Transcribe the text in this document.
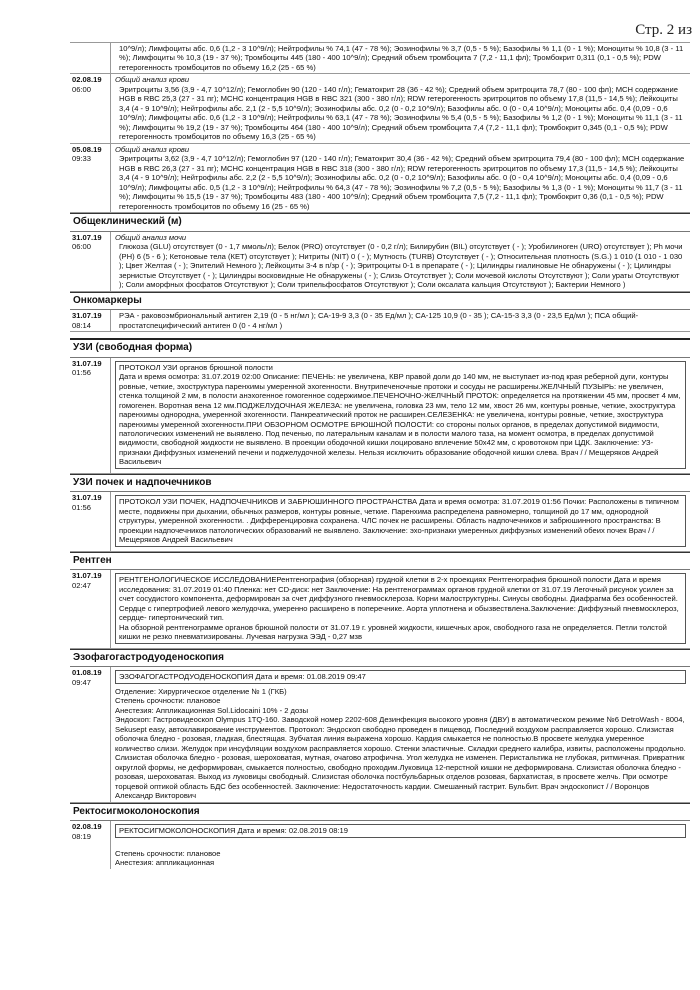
Стр. 2 из

10^9/л); Лимфоциты абс. 0,6 (1,2 - 3 10^9/л); Нейтрофилы % 74,1 (47 - 78 %); Эозинофилы % 3,7 (0,5 - 5 %); Базофилы % 1,1 (0 - 1 %); Моноциты % 10,8 (3 - 11 %); Лимфоциты % 10,3 (19 - 37 %); Тромбоциты 445 (180 - 400 10^9/л); Средний объем тромбоцита 7 (7,2 - 11,1 фл); Тромбокрит 0,311 (0,1 - 0,5 %); PDW гетерогенность тромбоцитов по объему 16,2 (25 - 65 %)

02.08.19
06:00
Общий анализ крови

Эритроциты 3,56 (3,9 - 4,7 10^12/л); Гемоглобин 90 (120 - 140 г/л); Гематокрит 28 (36 - 42 %); Средний объем эритроцита 78,7 (80 - 100 фл); МСН содержание HGB в RBC 25,3 (27 - 31 пг); МСНС концентрация HGB в RBC 321 (300 - 380 г/л); RDW гетерогенность эритроцитов по объему 17,8 (11,5 - 14,5 %); Лейкоциты 3,4 (4 - 9 10^9/л); Нейтрофилы абс. 2,1 (2 - 5,5 10^9/л); Эозинофилы абс. 0,2 (0 - 0,2 10^9/л); Базофилы абс. 0 (0 - 0,4 10^9/л); Моноциты абс. 0,4 (0,09 - 0,6 10^9/л); Лимфоциты абс. 0,6 (1,2 - 3 10^9/л); Нейтрофилы % 63,1 (47 - 78 %); Эозинофилы % 5,4 (0,5 - 5 %); Базофилы % 1,2 (0 - 1 %); Моноциты % 11,1 (3 - 11 %); Лимфоциты % 19,2 (19 - 37 %); Тромбоциты 464 (180 - 400 10^9/л); Средний объем тромбоцита 7,4 (7,2 - 11,1 фл); Тромбокрит 0,345 (0,1 - 0,5 %); PDW гетерогенность тромбоцитов по объему 16,3 (25 - 65 %)

05.08.19
09:33
Общий анализ крови

Эритроциты 3,62 (3,9 - 4,7 10^12/л); Гемоглобин 97 (120 - 140 г/л); Гематокрит 30,4 (36 - 42 %); Средний объем эритроцита 79,4 (80 - 100 фл); МСН содержание HGB в RBC 26,3 (27 - 31 пг); МСНС концентрация HGB в RBC 318 (300 - 380 г/л); RDW гетерогенность эритроцитов по объему 17,3 (11,5 - 14,5 %); Лейкоциты 3,4 (4 - 9 10^9/л); Нейтрофилы абс. 2,2 (2 - 5,5 10^9/л); Эозинофилы абс. 0,2 (0 - 0,2 10^9/л); Базофилы абс. 0 (0 - 0,4 10^9/л); Моноциты абс. 0,4 (0,09 - 0,6 10^9/л); Лимфоциты абс. 0,5 (1,2 - 3 10^9/л); Нейтрофилы % 64,3 (47 - 78 %); Эозинофилы % 7,2 (0,5 - 5 %); Базофилы % 1,3 (0 - 1 %); Моноциты % 11,7 (3 - 11 %); Лимфоциты % 15,5 (19 - 37 %); Тромбоциты 483 (180 - 400 10^9/л); Средний объем тромбоцита 7,5 (7,2 - 11,1 фл); Тромбокрит 0,36 (0,1 - 0,5 %); PDW гетерогенность тромбоцитов по объему 16 (25 - 65 %)

Общеклинический (м)
31.07.19
06:00
Общий анализ мочи

Глюкоза (GLU) отсутствует (0 - 1,7 ммоль/л); Белок (PRO) отсутствует (0 - 0,2 г/л); Билирубин (BIL) отсутствует ( - ); Уробилиноген (URO) отсутствует ); Рh мочи (PH) 6 (5 - 6 ); Кетоновые тела (КЕТ) отсутствует ); Нитриты (NIT) 0 ( - ); Мутность (TURB) Отсутствует ( - ); Относительная плотность (S.G.) 1 010 (1 010 - 1 030 ); Цвет Желтая ( - ); Эпителий Немного ); Лейкоциты 3-4 в п/зр ( - ); Эритроциты 0-1 в препарате ( - ); Цилиндры гиалиновые Не обнаружены ( - ); Цилиндры зернистые Отсутствует ( - ); Цилиндры восковидные Не обнаружены ( - ); Слизь Отсутствует ); Соли мочевой кислоты Отсутствуют ); Соли ураты Отсутствуют ); Соли аморфных фосфатов Отсутствуют ); Соли трипельфосфатов Отсутствуют ); Соли оксалата кальция Отсутствуют ); Бактерии Немного )

Онкомаркеры
31.07.19
08:14

РЭА - раковоэмбриональный антиген 2,19 (0 - 5 нг/мл ); CA-19-9 3,3 (0 - 35 Ед/мл ); CA-125 10,9 (0 - 35 ); CA-15-3 3,3 (0 - 23,5 Ед/мл ); ПСА общий- простатспецифический антиген 0 (0 - 4 нг/мл )

УЗИ (свободная форма)
31.07.19
01:56
ПРОТОКОЛ УЗИ органов брюшной полости
Дата и время осмотра: 31.07.2019 02:00 Описание: ПЕЧЕНЬ: не увеличена, КВР правой доли до 140 мм, не выступает из-под края реберной дуги, контуры ровные, четкие, эхоструктура паренхимы умеренной эхогенности. Внутрипеченочные протоки и сосуды не расширены.ЖЕЛЧНЫЙ ПУЗЫРЬ: не увеличен, стенка толщиной 2 мм, в полости анэхогенное гомогенное содержимое.ПЕЧЕНОЧНО-ЖЕЛЧНЫЙ ПРОТОК: определяется на протяжении 45 мм, просвет 4 мм, гомогенен. Воротная вена 12 мм.ПОДЖЕЛУДОЧНАЯ ЖЕЛЕЗА: не увеличена, головка 23 мм, тело 12 мм, хвост 26 мм, контуры ровные, четкие, эхоструктура паренхимы однородна, умеренной эхогенности. Панкреатический проток не расширен.СЕЛЕЗЕНКА: не увеличена, контуры ровные, четкие, эхоструктура паренхимы умеренной эхогенности.ПРИ ОБЗОРНОМ ОСМОТРЕ БРЮШНОЙ ПОЛОСТИ: со стороны полых органов, в пределах допустимой видимости, патологических изменений не выявлено. Под печенью, по латеральным каналам и в полости малого таза, на момент осмотра, в пределах допустимой видимости, свободной жидкости не выявлено. В проекции ободочной кишки лоцировано вплечение 50х42 мм, с кровотоком при ЦДК. Заключение: УЗ-признаки Диффузных изменений печени и поджелудочной железы. Нельзя исключить образование ободочной кишки слева. Врач / / Мещеряков Андрей Васильевич
УЗИ почек и надпочечников
31.07.19
01:56
ПРОТОКОЛ УЗИ ПОЧЕК, НАДПОЧЕЧНИКОВ И ЗАБРЮШИННОГО ПРОСТРАНСТВА Дата и время осмотра: 31.07.2019 01:56 Почки: Расположены в типичном месте, подвижны при дыхании, обычных размеров, контуры ровные, четкие. Паренхима распределена равномерно, толщиной до 17 мм, однородной структуры, умеренной эхогенности. . Дифференцировка сохранена. ЧЛС почек не расширены. Область надпочечников и забрюшинного пространства: В проекции надпочечников патологических образований не выявлено. Заключение: эхо-признаки умеренных диффузных изменений обеих почек Врач / / Мещеряков Андрей Васильевич
Рентген
31.07.19
02:47
РЕНТГЕНОЛОГИЧЕСКОЕ ИССЛЕДОВАНИЕРентгенография (обзорная) грудной клетки в 2-х проекциях Рентгенография брюшной полости Дата и время исследования: 31.07.2019 01:40 Пленка: нет CD-диск: нет Заключение: На рентгенограммах органов грудной клетки от 31.07.19 Легочный рисунок усилен за счет сосудистого компонента, деформирован за счет диффузного пневмосклероза. Корни малоструктурны. Синусы свободны. Диафрагма без особенностей. Сердце с гипертрофией левого желудочка, умеренно расширено в поперечнике. Аорта уплотнена и обызвествлена.Заключение: Диффузный пневмосклероз, сердце- гипертонический тип.
На обзорной рентгенограмме органов брюшной полости от 31.07.19 г. уровней жидкости, кишечных арок, свободного газа не определяется. Петли толстой кишки не резко пневматизированы. Лучевая нагрузка ЭЭД - 0,27 мзв
Эзофагогастродуоденоскопия
01.08.19
09:47
ЭЗОФАГОГАСТРОДУОДЕНОСКОПИЯ Дата и время: 01.08.2019 09:47
Отделение: Хирургическое отделение № 1 (ГКБ)
Степень срочности: плановое
Анестезия: Аппликационная Sol.Lidocaini 10% - 2 дозы

Эндоскоп: Гастровидеоскоп Olympus 1TQ-160. Заводской номер 2202-608 Дезинфекция высокого уровня (ДВУ) в автоматическом режиме №6 DetroWash - 8004, Sekusept easy, автоклавирование инструментов. Протокол: Эндоскоп свободно проведен в пищевод. Последний воздухом расправляется хорошо. Слизистая оболочка бледно - розовая, гладкая, блестящая. Зубчатая линия выражена хорошо. Кардия смыкается не полностью.В просвете желудка умеренное количество слизи. Желудок при инсуфляции воздухом расправляется хорошо. Стенки эластичные. Складки среднего калибра, извиты, расположены продольно. Слизистая оболочка бледно - розовая, шероховатая, мутная, очагово атрофична. Угол желудка не изменен. Перистальтика не глубокая, ритмичная. Привратник округлой формы, не деформирован, смыкается полностью, свободно проходим.Луковица 12-перстной кишки не деформирована. Слизистая оболочка бледно - розовая, шероховатая. Выход из луковицы свободный. Слизистая оболочка постбульбарных отделов розовая, бархатистая, в просвете желчь. При осмотре торцевой оптикой область БДС без особенностей. Заключение: Недостаточность кардии. Смешанный гастрит. Бульбит. Врач эндоскопист / / Воронцов Александр Викторович

Ректосигмоколоноскопия
02.08.19
08:19
РЕКТОСИГМОКОЛОНОСКОПИЯ Дата и время: 02.08.2019 08:19
Степень срочности: плановое
Анестезия: аппликационная
